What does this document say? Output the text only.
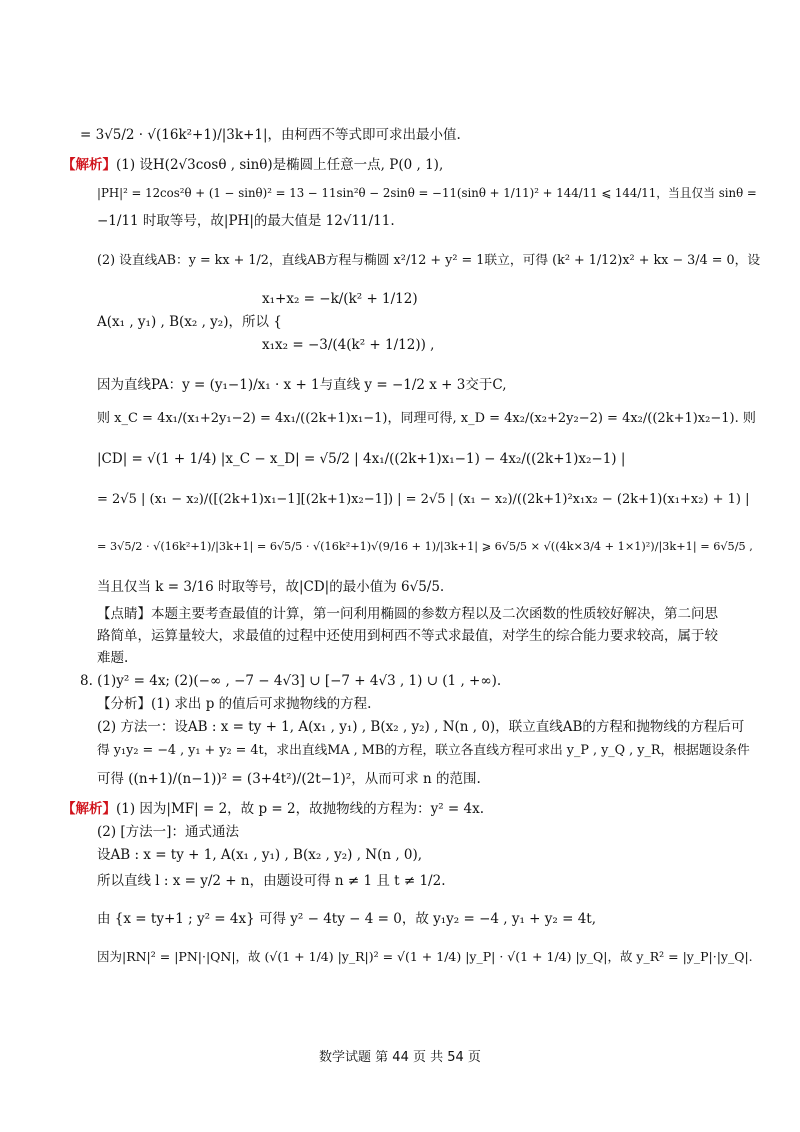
= 3√5/2 · √(16k²+1)/|3k+1|，由柯西不等式即可求出最小值.
【解析】(1) 设H(2√3cosθ , sinθ)是椭圆上任意一点, P(0 , 1),
|PH|² = 12cos²θ + (1 − sinθ)² = 13 − 11sin²θ − 2sinθ = −11(sinθ + 1/11)² + 144/11 ⩽ 144/11，当且仅当 sinθ =
−1/11 时取等号，故|PH|的最大值是 12√11/11.
(2) 设直线AB：y = kx + 1/2，直线AB方程与椭圆 x²/12 + y² = 1联立，可得 (k² + 1/12)x² + kx − 3/4 = 0，设
x₁+x₂ = −k/(k² + 1/12)
A(x₁ , y₁) , B(x₂ , y₂)，所以 {
x₁x₂ = −3/(4(k² + 1/12)) ,
因为直线PA：y = (y₁−1)/x₁ · x + 1与直线 y = −1/2 x + 3交于C,
则 x_C = 4x₁/(x₁+2y₁−2) = 4x₁/((2k+1)x₁−1)，同理可得, x_D = 4x₂/(x₂+2y₂−2) = 4x₂/((2k+1)x₂−1). 则
|CD| = √(1 + 1/4) |x_C − x_D| = √5/2 | 4x₁/((2k+1)x₁−1) − 4x₂/((2k+1)x₂−1) |
= 2√5 | (x₁ − x₂)/([(2k+1)x₁−1][(2k+1)x₂−1]) | = 2√5 | (x₁ − x₂)/((2k+1)²x₁x₂ − (2k+1)(x₁+x₂) + 1) |
= 3√5/2 · √(16k²+1)/|3k+1| = 6√5/5 · √(16k²+1)√(9/16 + 1)/|3k+1| ⩾ 6√5/5 × √((4k×3/4 + 1×1)²)/|3k+1| = 6√5/5 ,
当且仅当 k = 3/16 时取等号，故|CD|的最小值为 6√5/5.
【点睛】本题主要考查最值的计算，第一问利用椭圆的参数方程以及二次函数的性质较好解决，第二问思
路简单，运算量较大，求最值的过程中还使用到柯西不等式求最值，对学生的综合能力要求较高，属于较
难题.
8. (1)y² = 4x; (2)(−∞ , −7 − 4√3] ∪ [−7 + 4√3 , 1) ∪ (1 , +∞).
【分析】(1) 求出 p 的值后可求抛物线的方程.
(2) 方法一：设AB : x = ty + 1, A(x₁ , y₁) , B(x₂ , y₂) , N(n , 0)，联立直线AB的方程和抛物线的方程后可
得 y₁y₂ = −4 , y₁ + y₂ = 4t，求出直线MA , MB的方程，联立各直线方程可求出 y_P , y_Q , y_R，根据题设条件
可得 ((n+1)/(n−1))² = (3+4t²)/(2t−1)²，从而可求 n 的范围.
【解析】(1) 因为|MF| = 2，故 p = 2，故抛物线的方程为：y² = 4x.
(2) [方法一]：通式通法
设AB : x = ty + 1, A(x₁ , y₁) , B(x₂ , y₂) , N(n , 0),
所以直线 l : x = y/2 + n，由题设可得 n ≠ 1 且 t ≠ 1/2.
由 {x = ty+1 ; y² = 4x} 可得 y² − 4ty − 4 = 0，故 y₁y₂ = −4 , y₁ + y₂ = 4t,
因为|RN|² = |PN|·|QN|，故 (√(1 + 1/4) |y_R|)² = √(1 + 1/4) |y_P| · √(1 + 1/4) |y_Q|，故 y_R² = |y_P|·|y_Q|.
数学试题 第 44 页 共 54 页
